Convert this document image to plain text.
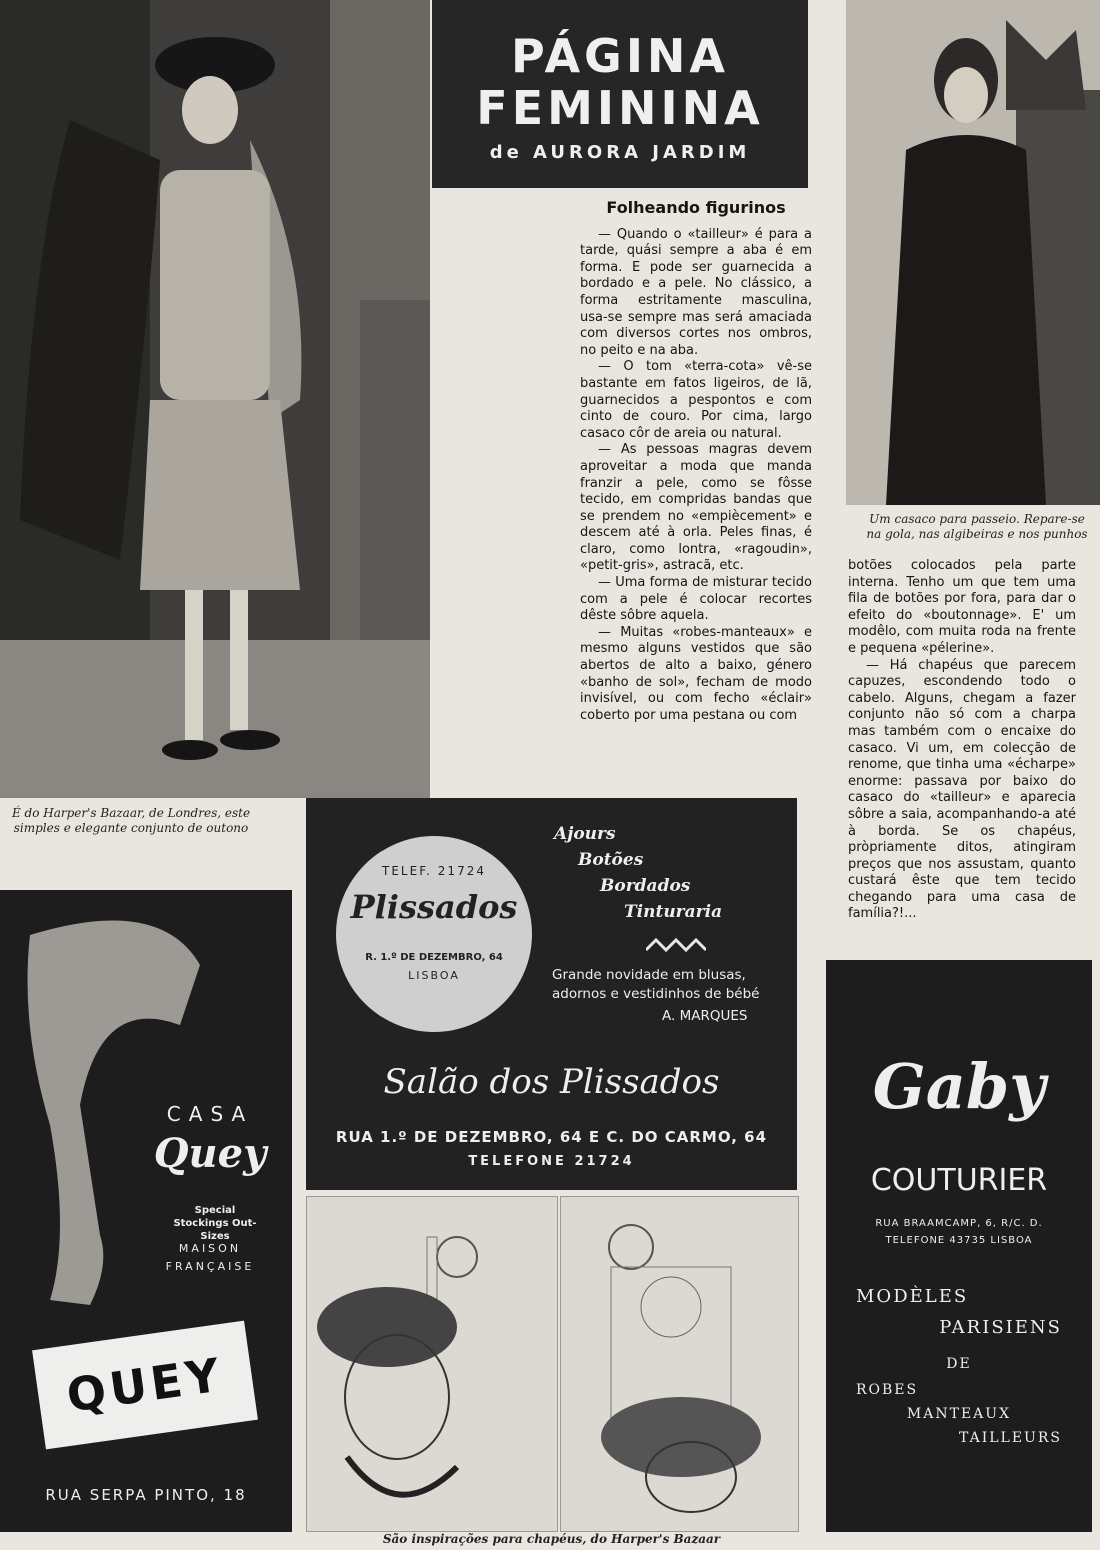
É do Harper's Bazaar, de Londres, este simples e elegante conjunto de outono
PÁGINA
FEMININA
de AURORA JARDIM
Um casaco para passeio. Repare-se na gola, nas algibeiras e nos punhos
Folheando figurinos

— Quando o «tailleur» é para a tarde, quási sempre a aba é em forma. E pode ser guarnecida a bordado e a pele. No clássico, a forma estritamente masculina, usa-se sempre mas será amaciada com diversos cortes nos ombros, no peito e na aba.

— O tom «terra-cota» vê-se bastante em fatos ligeiros, de lã, guarnecidos a pespontos e com cinto de couro. Por cima, largo casaco côr de areia ou natural.

— As pessoas magras devem aproveitar a moda que manda franzir a pele, como se fôsse tecido, em compridas bandas que se prendem no «empiècement» e descem até à orla. Peles finas, é claro, como lontra, «ragoudin», «petit-gris», astracã, etc.

— Uma forma de misturar tecido com a pele é colocar recortes dêste sôbre aquela.

— Muitas «robes-manteaux» e mesmo alguns vestidos que são abertos de alto a baixo, género «banho de sol», fecham de modo invisível, ou com fecho «éclair» coberto por uma pestana ou com

botões colocados pela parte interna. Tenho um que tem uma fila de botões por fora, para dar o efeito do «boutonnage». E' um modêlo, com muita roda na frente e pequena «pélerine».

— Há chapéus que parecem capuzes, escondendo todo o cabelo. Alguns, chegam a fazer conjunto não só com a charpa mas também com o encaixe do casaco. Vi um, em colecção de renome, que tinha uma «écharpe» enorme: passava por baixo do casaco do «tailleur» e aparecia sôbre a saia, acompanhando-a até à borda. Se os chapéus, pròpriamente ditos, atingiram preços que nos assustam, quanto custará êste que tem tecido chegando para uma casa de família?!...

CASA
Quey
Special Stockings Out-Sizes
MAISON FRANÇAISE
QUEY
RUA SERPA PINTO, 18
TELEF. 21724
Plissados
R. 1.º DE DEZEMBRO, 64
LISBOA
Ajours
Botões
Bordados
Tinturaria
Grande novidade em blusas, adornos e vestidinhos de bébé
A. MARQUES
Salão dos Plissados
RUA 1.º DE DEZEMBRO, 64 E C. DO CARMO, 64
TELEFONE 21724
São inspirações para chapéus, do Harper's Bazaar
Gaby
COUTURIER
RUA BRAAMCAMP, 6, R/C. D.
TELEFONE 43735 LISBOA
MODÈLES
PARISIENS
DE
ROBES
MANTEAUX
TAILLEURS
